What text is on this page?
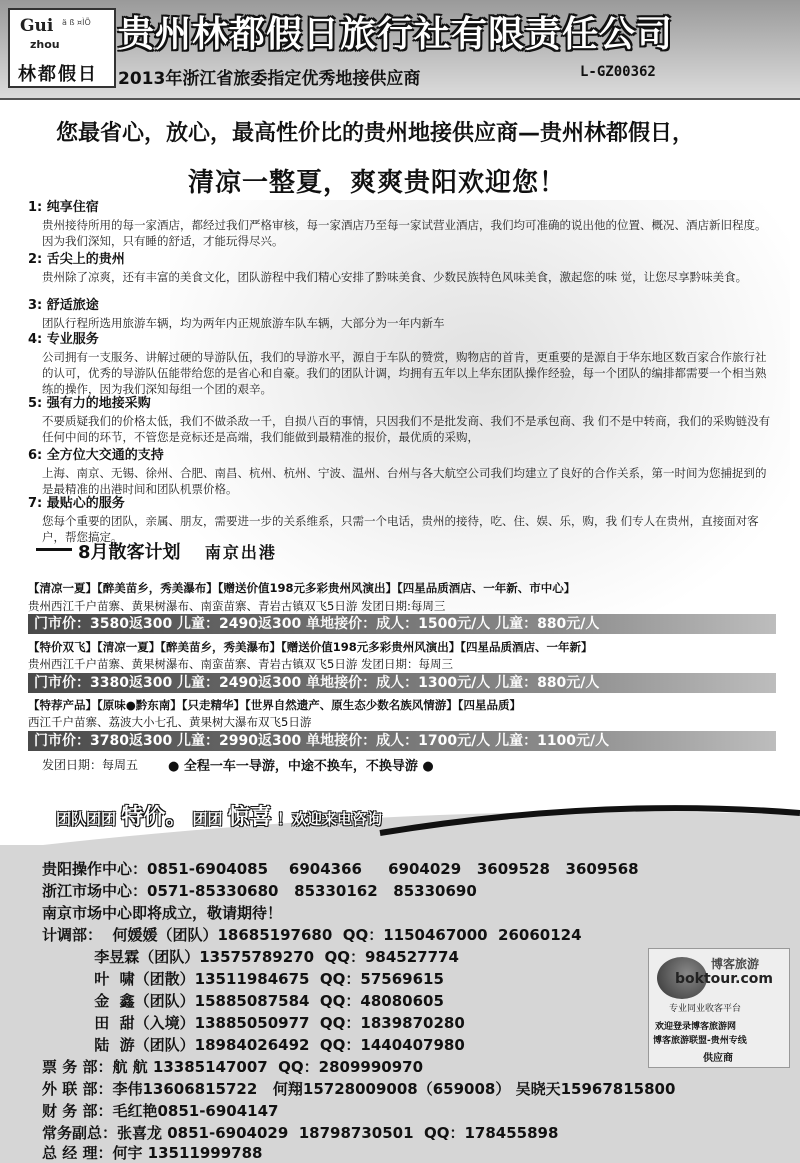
Gui ä ß ¤ÌÕ
zhou
林都假日
贵州林都假日旅行社有限责任公司
2013年浙江省旅委指定优秀地接供应商	L-GZ00362
您最省心，放心，最高性价比的贵州地接供应商—贵州林都假日，
清凉一整夏，爽爽贵阳欢迎您！
1: 纯享住宿
贵州接待所用的每一家酒店，都经过我们严格审核，每一家酒店乃至每一家试营业酒店，我们均可准确的说出他的位置、概况、酒店新旧程度。因为我们深知，只有睡的舒适，才能玩得尽兴。
2: 舌尖上的贵州
贵州除了凉爽，还有丰富的美食文化，团队游程中我们精心安排了黔味美食、少数民族特色风味美食，激起您的味 觉，让您尽享黔味美食。
3: 舒适旅途
团队行程所选用旅游车辆，均为两年内正规旅游车队车辆，大部分为一年内新车
4: 专业服务
公司拥有一支服务、讲解过硬的导游队伍，我们的导游水平，源自于车队的赞赏，购物店的首肯，更重要的是源自于华东地区数百家合作旅行社的认可，优秀的导游队伍能带给您的是省心和自豪。我们的团队计调，均拥有五年以上华东团队操作经验，每一个团队的编排都需要一个相当熟练的操作，因为我们深知每组一个团的艰辛。
5: 强有力的地接采购
不要质疑我们的价格太低，我们不做杀敌一千，自损八百的事情，只因我们不是批发商、我们不是承包商、我 们不是中转商，我们的采购链没有任何中间的环节，不管您是竞标还是高端，我们能做到最精准的报价，最优质的采购，
6: 全方位大交通的支持
上海、南京、无锡、徐州、合肥、南昌、杭州、杭州、宁波、温州、台州与各大航空公司我们均建立了良好的合作关系，第一时间为您捕捉到的是最精准的出港时间和团队机票价格。
7: 最贴心的服务
您每个重要的团队，亲属、朋友，需要进一步的关系维系，只需一个电话，贵州的接待，吃、住、娱、乐，购，我 们专人在贵州，直接面对客户，帮您搞定。
8月散客计划 南京出港
【清凉一夏】【醉美苗乡，秀美瀑布】【赠送价值198元多彩贵州风演出】【四星品质酒店、一年新、市中心】
贵州西江千户苗寨、黄果树瀑布、南蛮苗寨、青岩古镇双飞5日游 发团日期:每周三
门市价：3580返300 儿童：2490返300 单地接价：成人：1500元/人 儿童：880元/人
【特价双飞】【清凉一夏】【醉美苗乡，秀美瀑布】【赠送价值198元多彩贵州风演出】【四星品质酒店、一年新】
贵州西江千户苗寨、黄果树瀑布、南蛮苗寨、青岩古镇双飞5日游 发团日期：每周三
门市价：3380返300 儿童：2490返300 单地接价：成人：1300元/人 儿童：880元/人
【特荐产品】【原味●黔东南】【只走精华】【世界自然遗产、原生态少数名族风情游】【四星品质】
西江千户苗寨、荔波大小七孔、黄果树大瀑布双飞5日游
门市价：3780返300 儿童：2990返300 单地接价：成人：1700元/人 儿童：1100元/人
发团日期：每周五 ● 全程一车一导游，中途不换车，不换导游 ●
团队团团 特价。 团团 惊喜 ！欢迎来电咨询
贵阳操作中心：0851-6904085    6904366     6904029   3609528   3609568
浙江市场中心：0571-85330680   85330162   85330690
南京市场中心即将成立，敬请期待！
计调部：  何媛媛（团队）18685197680  QQ：1150467000  26060124
李昱霖（团队）13575789270  QQ：984527774
叶  啸（团散）13511984675  QQ：57569615
金  鑫（团队）15885087584  QQ：48080605
田  甜（入境）13885050977  QQ：1839870280
陆  游（团队）18984026492  QQ：1440407980
票 务 部：航 航 13385147007  QQ：2809990970
外 联 部：李伟13606815722   何翔15728009008（659008） 吴晓天15967815800
财 务 部：毛红艳0851-6904147
常务副总：张喜龙 0851-6904029  18798730501  QQ：178455898
总 经 理：何宇 13511999788
博客旅游
boktour.com
专业同业收客平台
欢迎登录博客旅游网
博客旅游联盟-贵州专线
供应商
